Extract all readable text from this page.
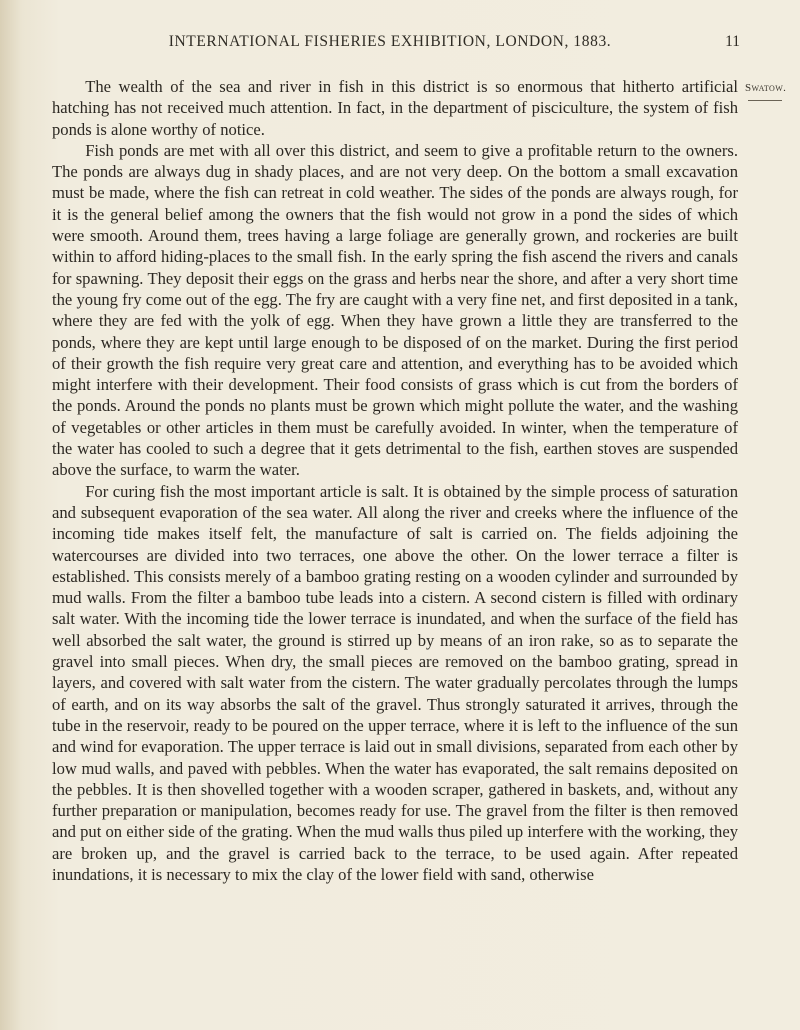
INTERNATIONAL FISHERIES EXHIBITION, LONDON, 1883.	11
Swatow.

The wealth of the sea and river in fish in this district is so enormous that hitherto artificial hatching has not received much attention. In fact, in the department of pisciculture, the system of fish ponds is alone worthy of notice.

Fish ponds are met with all over this district, and seem to give a profitable return to the owners. The ponds are always dug in shady places, and are not very deep. On the bottom a small excavation must be made, where the fish can retreat in cold weather. The sides of the ponds are always rough, for it is the general belief among the owners that the fish would not grow in a pond the sides of which were smooth. Around them, trees having a large foliage are generally grown, and rockeries are built within to afford hiding-places to the small fish. In the early spring the fish ascend the rivers and canals for spawning. They deposit their eggs on the grass and herbs near the shore, and after a very short time the young fry come out of the egg. The fry are caught with a very fine net, and first deposited in a tank, where they are fed with the yolk of egg. When they have grown a little they are transferred to the ponds, where they are kept until large enough to be disposed of on the market. During the first period of their growth the fish require very great care and attention, and everything has to be avoided which might interfere with their development. Their food consists of grass which is cut from the borders of the ponds. Around the ponds no plants must be grown which might pollute the water, and the washing of vegetables or other articles in them must be carefully avoided. In winter, when the temperature of the water has cooled to such a degree that it gets detrimental to the fish, earthen stoves are suspended above the surface, to warm the water.

For curing fish the most important article is salt. It is obtained by the simple process of saturation and subsequent evaporation of the sea water. All along the river and creeks where the influence of the incoming tide makes itself felt, the manufacture of salt is carried on. The fields adjoining the watercourses are divided into two terraces, one above the other. On the lower terrace a filter is established. This consists merely of a bamboo grating resting on a wooden cylinder and surrounded by mud walls. From the filter a bamboo tube leads into a cistern. A second cistern is filled with ordinary salt water. With the incoming tide the lower terrace is inundated, and when the surface of the field has well absorbed the salt water, the ground is stirred up by means of an iron rake, so as to separate the gravel into small pieces. When dry, the small pieces are removed on the bamboo grating, spread in layers, and covered with salt water from the cistern. The water gradually percolates through the lumps of earth, and on its way absorbs the salt of the gravel. Thus strongly saturated it arrives, through the tube in the reservoir, ready to be poured on the upper terrace, where it is left to the influence of the sun and wind for evaporation. The upper terrace is laid out in small divisions, separated from each other by low mud walls, and paved with pebbles. When the water has evaporated, the salt remains deposited on the pebbles. It is then shovelled together with a wooden scraper, gathered in baskets, and, without any further preparation or manipulation, becomes ready for use. The gravel from the filter is then removed and put on either side of the grating. When the mud walls thus piled up interfere with the working, they are broken up, and the gravel is carried back to the terrace, to be used again. After repeated inundations, it is necessary to mix the clay of the lower field with sand, otherwise
